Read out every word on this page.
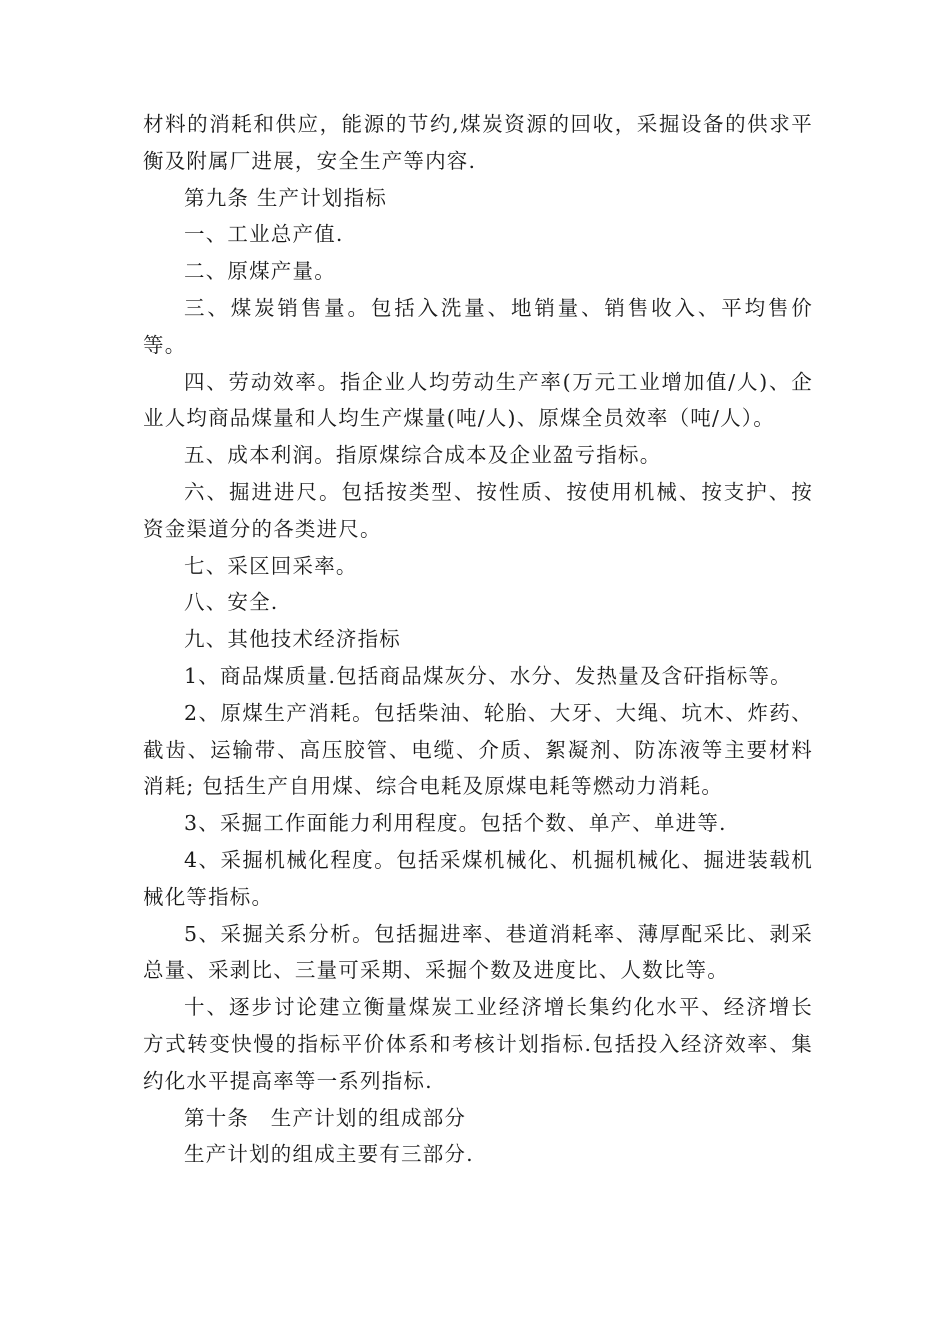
材料的消耗和供应，能源的节约,煤炭资源的回收，采掘设备的供求平衡及附属厂进展，安全生产等内容.

第九条 生产计划指标

一、工业总产值.

二、原煤产量。

三、煤炭销售量。包括入洗量、地销量、销售收入、平均售价等。

四、劳动效率。指企业人均劳动生产率(万元工业增加值/人)、企业人均商品煤量和人均生产煤量(吨/人)、原煤全员效率（吨/人）。

五、成本利润。指原煤综合成本及企业盈亏指标。

六、掘进进尺。包括按类型、按性质、按使用机械、按支护、按资金渠道分的各类进尺。

七、采区回采率。

八、安全.

九、其他技术经济指标

1、商品煤质量.包括商品煤灰分、水分、发热量及含矸指标等。

2、原煤生产消耗。包括柴油、轮胎、大牙、大绳、坑木、炸药、截齿、运输带、高压胶管、电缆、介质、絮凝剂、防冻液等主要材料消耗; 包括生产自用煤、综合电耗及原煤电耗等燃动力消耗。

3、采掘工作面能力利用程度。包括个数、单产、单进等.

4、采掘机械化程度。包括采煤机械化、机掘机械化、掘进装载机械化等指标。

5、采掘关系分析。包括掘进率、巷道消耗率、薄厚配采比、剥采总量、采剥比、三量可采期、采掘个数及进度比、人数比等。

十、逐步讨论建立衡量煤炭工业经济增长集约化水平、经济增长方式转变快慢的指标平价体系和考核计划指标.包括投入经济效率、集约化水平提高率等一系列指标.

第十条　生产计划的组成部分

生产计划的组成主要有三部分.
